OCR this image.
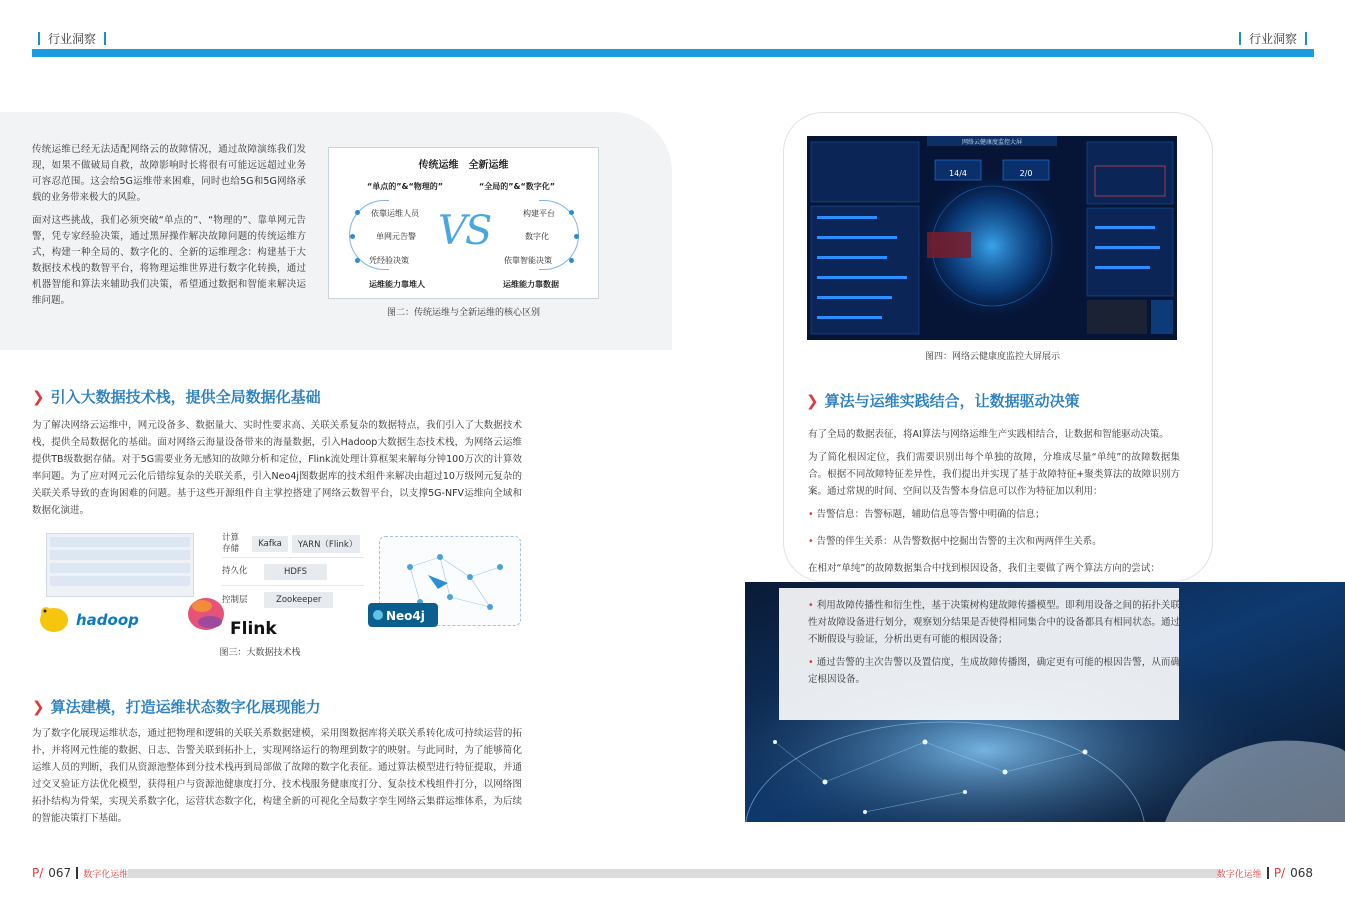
行业洞察	行业洞察

传统运维已经无法适配网络云的故障情况，通过故障演练我们发现，如果不做破局自救，故障影响时长将很有可能远远超过业务可容忍范围。这会给5G运维带来困难，同时也给5G和5G网络承载的业务带来极大的风险。

面对这些挑战，我们必须突破“单点的”、“物理的”、靠单网元告警，凭专家经验决策，通过黑屏操作解决故障问题的传统运维方式，构建一种全局的、数字化的、全新的运维理念：构建基于大数据技术栈的数智平台，将物理运维世界进行数字化转换，通过机器智能和算法来辅助我们决策，希望通过数据和智能来解决运维问题。

传统运维　全新运维
“单点的”&“物理的”	“全局的”&“数字化”
依靠运维人员
单网元告警
凭经验决策
构建平台
数字化
依靠智能决策
VS
运维能力靠堆人	运维能力靠数据
图二：传统运维与全新运维的核心区别
❯ 引入大数据技术栈，提供全局数据化基础

为了解决网络云运维中，网元设备多、数据量大、实时性要求高、关联关系复杂的数据特点，我们引入了大数据技术栈，提供全局数据化的基础。面对网络云海量设备带来的海量数据，引入Hadoop大数据生态技术栈，为网络云运维提供TB级数据存储。对于5G需要业务无感知的故障分析和定位，Flink流处理计算框架来解每分钟100万次的计算效率问题。为了应对网元云化后错综复杂的关联关系，引入Neo4j图数据库的技术组件来解决由超过10万级网元复杂的关联关系导致的查询困难的问题。基于这些开源组件自主掌控搭建了网络云数智平台，以支撑5G-NFV运维向全域和数据化演进。

hadoop	Flink
计算
存储	Kafka	YARN（Flink）
持久化	HDFS
控制层	Zookeeper
Neo4j
图三：大数据技术栈
❯ 算法建模，打造运维状态数字化展现能力

为了数字化展现运维状态，通过把物理和逻辑的关联关系数据建模，采用图数据库将关联关系转化成可持续运营的拓扑，并将网元性能的数据、日志、告警关联到拓扑上，实现网络运行的物理到数字的映射。与此同时，为了能够简化运维人员的判断，我们从资源池整体到分技术栈再到局部做了故障的数字化表征。通过算法模型进行特征提取，并通过交叉验证方法优化模型，获得租户与资源池健康度打分、技术栈服务健康度打分、复杂技术栈组件打分，以网络图拓扑结构为骨架，实现关系数字化，运营状态数字化，构建全新的可视化全局数字孪生网络云集群运维体系，为后续的智能决策打下基础。

网络云健康度监控大屏
14/4	2/0
图四：网络云健康度监控大屏展示
❯ 算法与运维实践结合，让数据驱动决策

有了全局的数据表征，将AI算法与网络运维生产实践相结合，让数据和智能驱动决策。

为了简化根因定位，我们需要识别出每个单独的故障，分堆成尽量“单纯”的故障数据集合。根据不同故障特征差异性，我们提出并实现了基于故障特征+聚类算法的故障识别方案。通过常规的时间、空间以及告警本身信息可以作为特征加以利用：

• 告警信息：告警标题，辅助信息等告警中明确的信息；

• 告警的伴生关系：从告警数据中挖掘出告警的主次和两两伴生关系。

在相对“单纯”的故障数据集合中找到根因设备，我们主要做了两个算法方向的尝试：

• 利用故障传播性和衍生性，基于决策树构建故障传播模型。即利用设备之间的拓扑关联性对故障设备进行划分，观察划分结果是否使得相同集合中的设备都具有相同状态。通过不断假设与验证，分析出更有可能的根因设备；

• 通过告警的主次告警以及置信度，生成故障传播图，确定更有可能的根因告警，从而确定根因设备。

P/ 067 数字化运维	数字化运维 P/ 068
